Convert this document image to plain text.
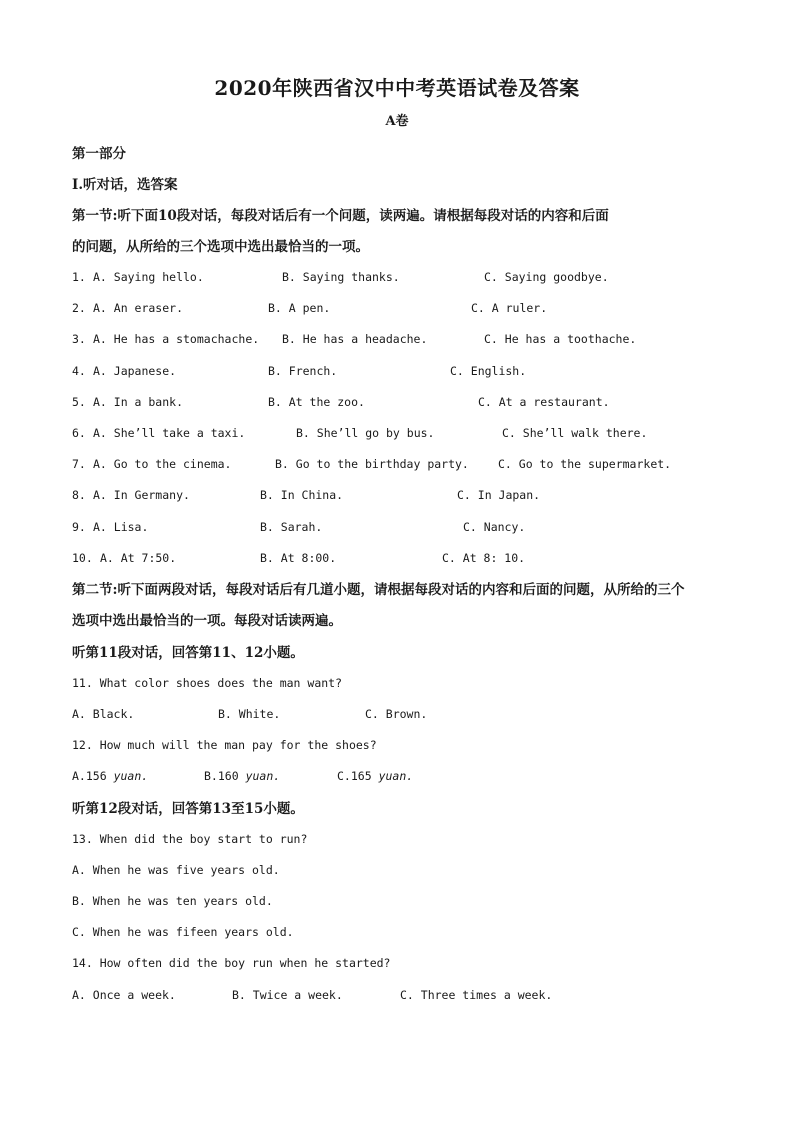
2020年陕西省汉中中考英语试卷及答案
A卷
第一部分
I.听对话，选答案
第一节:听下面10段对话，每段对话后有一个问题，读两遍。请根据每段对话的内容和后面
的问题，从所给的三个选项中选出最恰当的一项。
1. A. Saying hello.	B. Saying thanks.	C. Saying goodbye.
2. A. An eraser.	B. A pen.	C. A ruler.
3. A. He has a stomachache. B. He has a headache.	C. He has a toothache.
4. A. Japanese.	B. French.	C. English.
5. A. In a bank.	B. At the zoo.	C. At a restaurant.
6. A. She’ll take a taxi.	B. She’ll go by bus.	C. She’ll walk there.
7. A. Go to the cinema.	B. Go to the birthday party.	C. Go to the supermarket.
8. A. In Germany.	B. In China.	C. In Japan.
9. A. Lisa.	B. Sarah.	C. Nancy.
10. A. At 7:50.	B. At 8:00.	C. At 8: 10.
第二节:听下面两段对话，每段对话后有几道小题，请根据每段对话的内容和后面的问题，从所给的三个
选项中选出最恰当的一项。每段对话读两遍。
听第11段对话，回答第11、12小题。
11. What color shoes does the man want?
A. Black.	B. White.	C. Brown.
12. How much will the man pay for the shoes?
A.156 yuan.	B.160 yuan.	C.165 yuan.
听第12段对话，回答第13至15小题。
13. When did the boy start to run?
A. When he was five years old.
B. When he was ten years old.
C. When he was fifeen years old.
14. How often did the boy run when he started?
A. Once a week.	B. Twice a week.	C. Three times a week.
